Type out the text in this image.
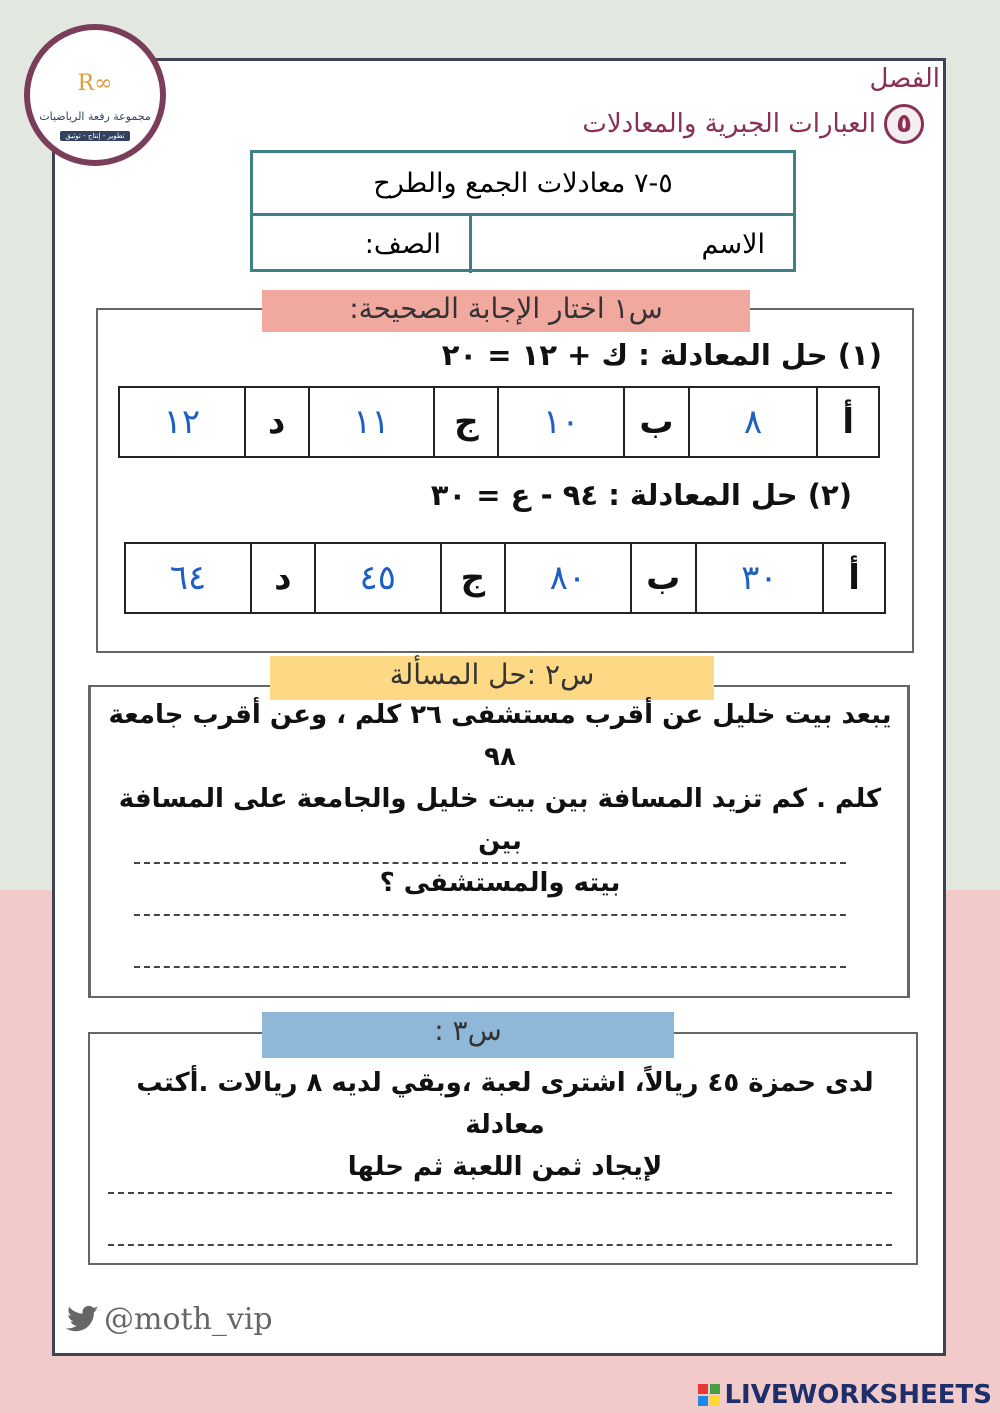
R∞
مجموعة رفعة الرياضيات
تطوير - إنتاج - توثيق
الفصل
٥
العبارات الجبرية والمعادلات
٥-٧ معادلات الجمع والطرح
الاسم
الصف:
س١ اختار الإجابة الصحيحة:
(١) حل المعادلة : ك + ١٢ = ٢٠
أ	٨	ب	١٠	ج	١١	د	١٢
(٢) حل المعادلة : ٩٤ - ع = ٣٠
أ	٣٠	ب	٨٠	ج	٤٥	د	٦٤
س٢ :حل المسألة
يبعد بيت خليل عن أقرب مستشفى ٢٦ كلم ، وعن أقرب جامعة ٩٨
كلم . كم تزيد المسافة بين بيت خليل والجامعة على المسافة بين
بيته والمستشفى ؟
س٣ :
لدى حمزة ٤٥ ريالاً، اشترى لعبة ،وبقي لديه ٨ ريالات .أكتب معادلة
لإيجاد ثمن اللعبة ثم حلها
@moth_vip
LIVEWORKSHEETS
